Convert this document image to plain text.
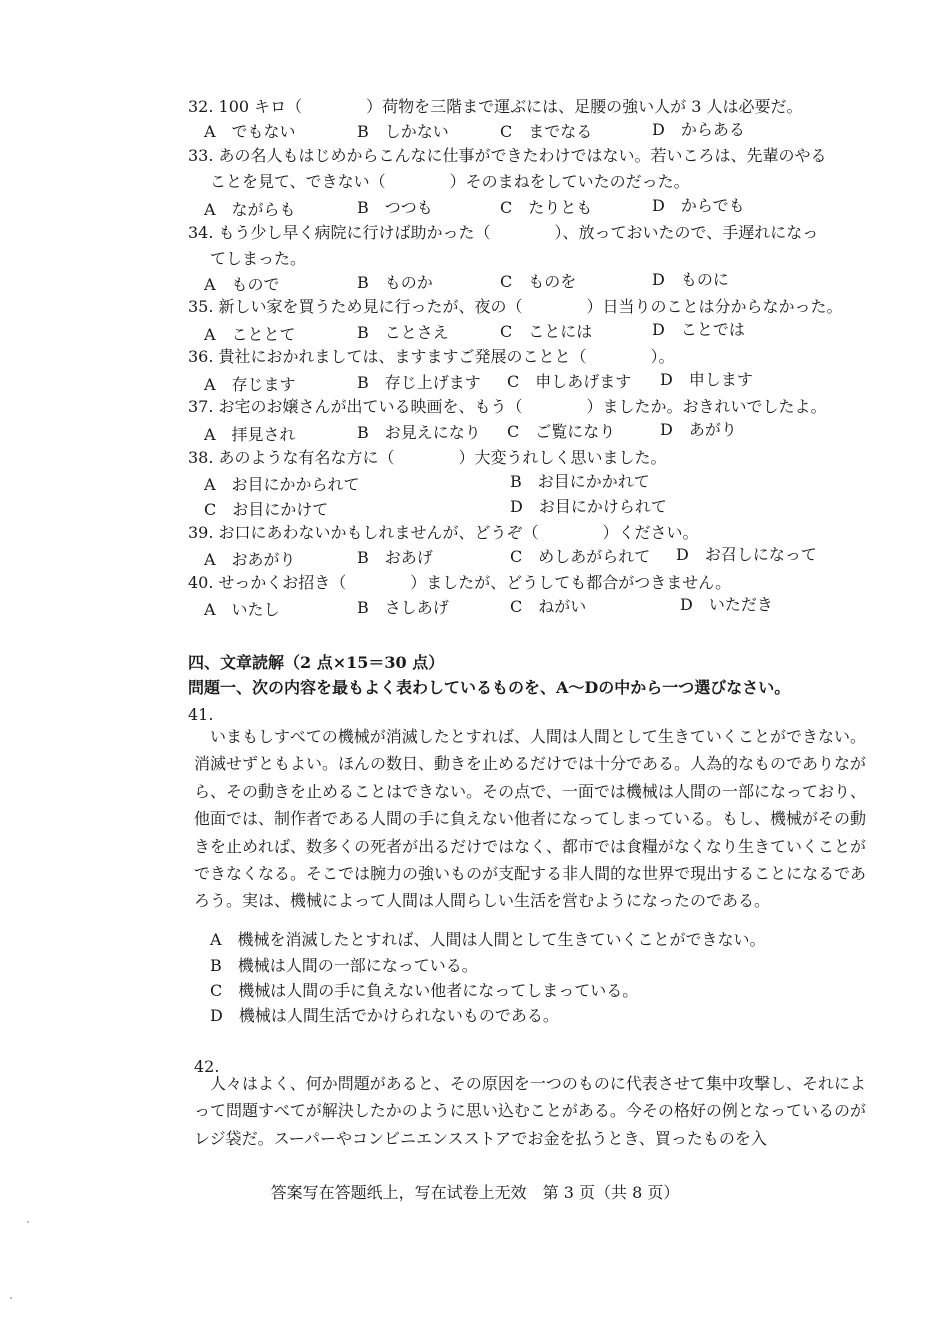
32. 100 キロ（　　　　）荷物を三階まで運ぶには、足腰の強い人が 3 人は必要だ。
A　でもない	B　しかない	C　までなる	D　からある
33. あの名人もはじめからこんなに仕事ができたわけではない。若いころは、先輩のやる
ことを見て、できない（　　　　）そのまねをしていたのだった。
A　ながらも	B　つつも	C　たりとも	D　からでも
34. もう少し早く病院に行けば助かった（　　　　）、放っておいたので、手遅れになっ
てしまった。
A　もので	B　ものか	C　ものを	D　ものに
35. 新しい家を買うため見に行ったが、夜の（　　　　）日当りのことは分からなかった。
A　こととて	B　ことさえ	C　ことには	D　ことでは
36. 貴社におかれましては、ますますご発展のことと（　　　　）。
A　存じます	B　存じ上げます C　申しあげます D　申します
37. お宅のお嬢さんが出ている映画を、もう（　　　　）ましたか。おきれいでしたよ。
A　拝見され	B　お見えになり C　ご覧になり	D　あがり
38. あのような有名な方に（　　　　）大変うれしく思いました。
A　お目にかかられて	B　お目にかかれて
C　お目にかけて	D　お目にかけられて
39. お口にあわないかもしれませんが、どうぞ（　　　　）ください。
A　おあがり	B　おあげ	C　めしあがられて D　お召しになって
40. せっかくお招き（　　　　）ましたが、どうしても都合がつきません。
A　いたし	B　さしあげ	C　ねがい	D　いただき
四、文章読解（2 点×15＝30 点）
問題一、次の内容を最もよく表わしているものを、A～Dの中から一つ選びなさい。
41.
いまもしすべての機械が消滅したとすれば、人間は人間として生きていくことができない。消滅せずともよい。ほんの数日、動きを止めるだけでは十分である。人為的なものでありながら、その動きを止めることはできない。その点で、一面では機械は人間の一部になっており、他面では、制作者である人間の手に負えない他者になってしまっている。もし、機械がその動きを止めれば、数多くの死者が出るだけではなく、都市では食糧がなくなり生きていくことができなくなる。そこでは腕力の強いものが支配する非人間的な世界で現出することになるであろう。実は、機械によって人間は人間らしい生活を営むようになったのである。
A　機械を消滅したとすれば、人間は人間として生きていくことができない。
B　機械は人間の一部になっている。
C　機械は人間の手に負えない他者になってしまっている。
D　機械は人間生活でかけられないものである。
42.
人々はよく、何か問題があると、その原因を一つのものに代表させて集中攻撃し、それによって問題すべてが解決したかのように思い込むことがある。今その格好の例となっているのがレジ袋だ。スーパーやコンビニエンスストアでお金を払うとき、買ったものを入
答案写在答题纸上，写在试卷上无效　第 3 页（共 8 页）
